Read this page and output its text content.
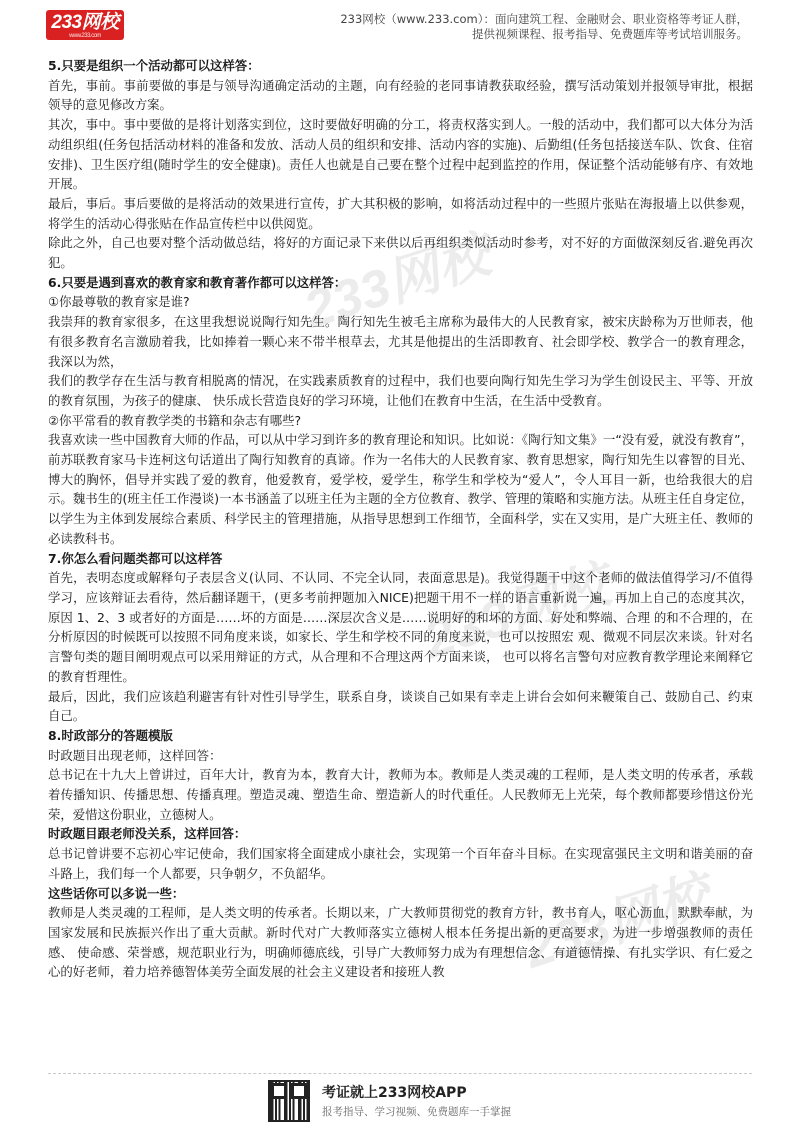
233网校
www.233.com
233网校（www.233.com）：面向建筑工程、金融财会、职业资格等考证人群，
提供视频课程、报考指导、免费题库等考试培训服务。
233网校
233网校
233网校

5.只要是组织一个活动都可以这样答：

首先，事前。事前要做的事是与领导沟通确定活动的主题，向有经验的老同事请教获取经验，撰写活动策划并报领导审批，根据领导的意见修改方案。

其次，事中。事中要做的是将计划落实到位，这时要做好明确的分工，将责权落实到人。一般的活动中，我们都可以大体分为活动组织组(任务包括活动材料的准备和发放、活动人员的组织和安排、活动内容的实施)、后勤组(任务包括接送车队、饮食、住宿安排)、卫生医疗组(随时学生的安全健康)。责任人也就是自己要在整个过程中起到监控的作用，保证整个活动能够有序、有效地开展。

最后，事后。事后要做的是将活动的效果进行宣传，扩大其积极的影响，如将活动过程中的一些照片张贴在海报墙上以供参观，将学生的活动心得张贴在作品宣传栏中以供阅览。

除此之外，自己也要对整个活动做总结，将好的方面记录下来供以后再组织类似活动时参考，对不好的方面做深刻反省.避免再次犯。

6.只要是遇到喜欢的教育家和教育著作都可以这样答：

①你最尊敬的教育家是谁?

我崇拜的教育家很多，在这里我想说说陶行知先生。陶行知先生被毛主席称为最伟大的人民教育家，被宋庆龄称为万世师表，他有很多教育名言激励着我，比如捧着一颗心来不带半根草去，尤其是他提出的生活即教育、社会即学校、教学合一的教育理念， 我深以为然，

我们的教学存在生活与教育相脱离的情况，在实践素质教育的过程中，我们也要向陶行知先生学习为学生创设民主、平等、开放的教育氛围，为孩子的健康、 快乐成长营造良好的学习环境，让他们在教育中生活，在生活中受教育。

②你平常看的教育教学类的书籍和杂志有哪些?

我喜欢读一些中国教育大师的作品，可以从中学习到许多的教育理论和知识。比如说：《陶行知文集》一“没有爱，就没有教育”，前苏联教育家马卡连柯这句话道出了陶行知教育的真谛。作为一名伟大的人民教育家、教育思想家，陶行知先生以睿智的目光、博大的胸怀，倡导并实践了爱的教育，他爱教育，爱学校，爱学生，称学生和学校为“爱人”，令人耳目一新，也给我很大的启示。魏书生的(班主任工作漫谈)一本书涵盖了以班主任为主题的全方位教育、教学、管理的策略和实施方法。从班主任自身定位，以学生为主体到发展综合素质、科学民主的管理措施，从指导思想到工作细节，全面科学，实在又实用，是广大班主任、教师的必读教科书。

7.你怎么看问题类都可以这样答

首先，表明态度或解释句子表层含义(认同、不认同、不完全认同，表面意思是)。我觉得题干中这个老师的做法值得学习/不值得学习，应该辩证去看待，然后翻译题干，(更多考前押题加入NICE)把题干用不一样的语言重新说一遍，再加上自己的态度其次，原因 1、2、3 或者好的方面是……坏的方面是……深层次含义是……说明好的和坏的方面、好处和弊端、合理 的和不合理的，在分析原因的时候既可以按照不同角度来谈，如家长、学生和学校不同的角度来说，也可以按照宏 观、微观不同层次来谈。针对名言警句类的题目阐明观点可以采用辩证的方式，从合理和不合理这两个方面来谈， 也可以将名言警句对应教育教学理论来阐释它的教育哲理性。

最后，因此，我们应该趋利避害有针对性引导学生，联系自身，谈谈自己如果有幸走上讲台会如何来鞭策自己、鼓励自己、约束自己。

8.时政部分的答题模版

时政题目出现老师，这样回答：

总书记在十九大上曾讲过，百年大计，教育为本，教育大计，教师为本。教师是人类灵魂的工程师，是人类文明的传承者，承载着传播知识、传播思想、传播真理。塑造灵魂、塑造生命、塑造新人的时代重任。人民教师无上光荣，每个教师都要珍惜这份光荣，爱惜这份职业，立德树人。

时政题目跟老师没关系，这样回答：

总书记曾讲要不忘初心牢记使命，我们国家将全面建成小康社会，实现第一个百年奋斗目标。在实现富强民主文明和谐美丽的奋斗路上，我们每一个人都要，只争朝夕，不负韶华。

这些话你可以多说一些：

教师是人类灵魂的工程师，是人类文明的传承者。长期以来，广大教师贯彻党的教育方针，教书育人，呕心沥血，默默奉献，为国家发展和民族振兴作出了重大贡献。新时代对广大教师落实立德树人根本任务提出新的更高要求，为进一步增强教师的责任感、 使命感、荣誉感，规范职业行为，明确师德底线，引导广大教师努力成为有理想信念、有道德情操、有扎实学识、有仁爱之心的好老师，着力培养德智体美劳全面发展的社会主义建设者和接班人教

考证就上233网校APP
报考指导、学习视频、免费题库一手掌握
